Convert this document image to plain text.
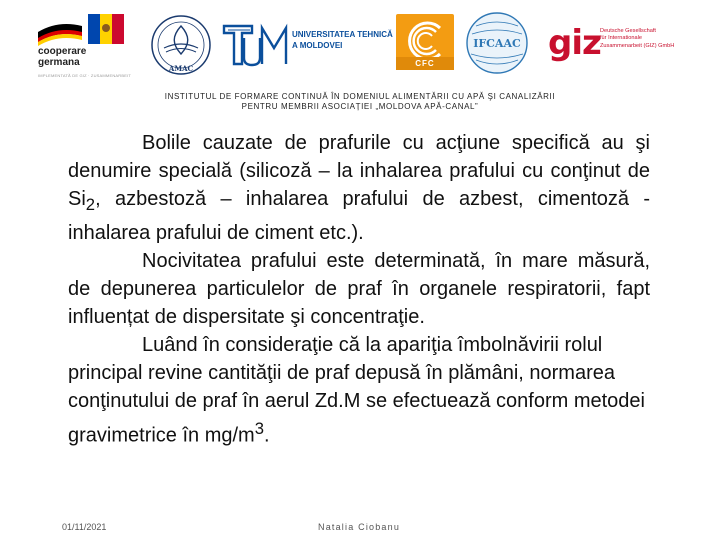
cooperare
germana
IMPLEMENTATĂ DE GIZ · ZUSAMMENARBEIT
AMAC
UNIVERSITATEA TEHNICĂ
A MOLDOVEI
CFC
IFCAAC giz Deutsche Gesellschaft
für Internationale
Zusammenarbeit (GIZ) GmbH
INSTITUTUL DE FORMARE CONTINUĂ ÎN DOMENIUL ALIMENTĂRII CU APĂ ŞI CANALIZĂRII
PENTRU MEMBRII ASOCIAȚIEI „MOLDOVA APĂ-CANAL”

Bolile cauzate de prafurile cu acţiune specifică au şi denumire specială (silicoză – la inhalarea prafului cu conţinut de $Si_2$, azbestoză – inhalarea prafului de azbest, cimentoză - inhalarea prafului de ciment etc.).

Nocivitatea prafului este determinată, în mare măsură, de depunerea particulelor de praf în organele respiratorii, fapt influențat de dispersitate şi concentraţie.

Luând în consideraţie că la apariţia îmbolnăvirii rolul principal revine cantităţii de praf depusă în plămâni, normarea conţinutului de praf în aerul Zd.M se efectuează conform metodei gravimetrice în $mg/m^3$.

01/11/2021	Natalia Ciobanu
